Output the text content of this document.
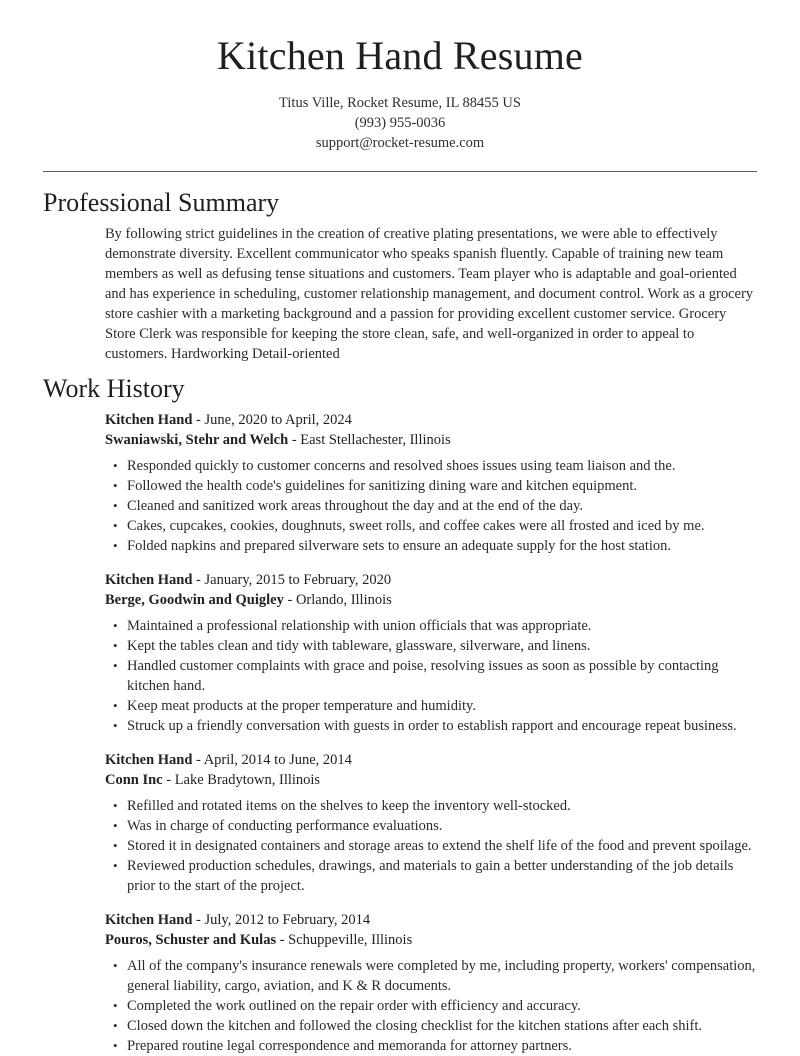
Kitchen Hand Resume

Titus Ville, Rocket Resume, IL 88455 US

(993) 955-0036

support@rocket-resume.com

Professional Summary

By following strict guidelines in the creation of creative plating presentations, we were able to effectively demonstrate diversity. Excellent communicator who speaks spanish fluently. Capable of training new team members as well as defusing tense situations and customers. Team player who is adaptable and goal-oriented and has experience in scheduling, customer relationship management, and document control. Work as a grocery store cashier with a marketing background and a passion for providing excellent customer service. Grocery Store Clerk was responsible for keeping the store clean, safe, and well-organized in order to appeal to customers. Hardworking Detail-oriented

Work History

Kitchen Hand - June, 2020 to April, 2024

Swaniawski, Stehr and Welch - East Stellachester, Illinois

• Responded quickly to customer concerns and resolved shoes issues using team liaison and the.
• Followed the health code's guidelines for sanitizing dining ware and kitchen equipment.
• Cleaned and sanitized work areas throughout the day and at the end of the day.
• Cakes, cupcakes, cookies, doughnuts, sweet rolls, and coffee cakes were all frosted and iced by me.
• Folded napkins and prepared silverware sets to ensure an adequate supply for the host station.

Kitchen Hand - January, 2015 to February, 2020

Berge, Goodwin and Quigley - Orlando, Illinois

• Maintained a professional relationship with union officials that was appropriate.
• Kept the tables clean and tidy with tableware, glassware, silverware, and linens.
• Handled customer complaints with grace and poise, resolving issues as soon as possible by contacting kitchen hand.
• Keep meat products at the proper temperature and humidity.
• Struck up a friendly conversation with guests in order to establish rapport and encourage repeat business.

Kitchen Hand - April, 2014 to June, 2014

Conn Inc - Lake Bradytown, Illinois

• Refilled and rotated items on the shelves to keep the inventory well-stocked.
• Was in charge of conducting performance evaluations.
• Stored it in designated containers and storage areas to extend the shelf life of the food and prevent spoilage.
• Reviewed production schedules, drawings, and materials to gain a better understanding of the job details prior to the start of the project.

Kitchen Hand - July, 2012 to February, 2014

Pouros, Schuster and Kulas - Schuppeville, Illinois

• All of the company's insurance renewals were completed by me, including property, workers' compensation, general liability, cargo, aviation, and K & R documents.
• Completed the work outlined on the repair order with efficiency and accuracy.
• Closed down the kitchen and followed the closing checklist for the kitchen stations after each shift.
• Prepared routine legal correspondence and memoranda for attorney partners.
